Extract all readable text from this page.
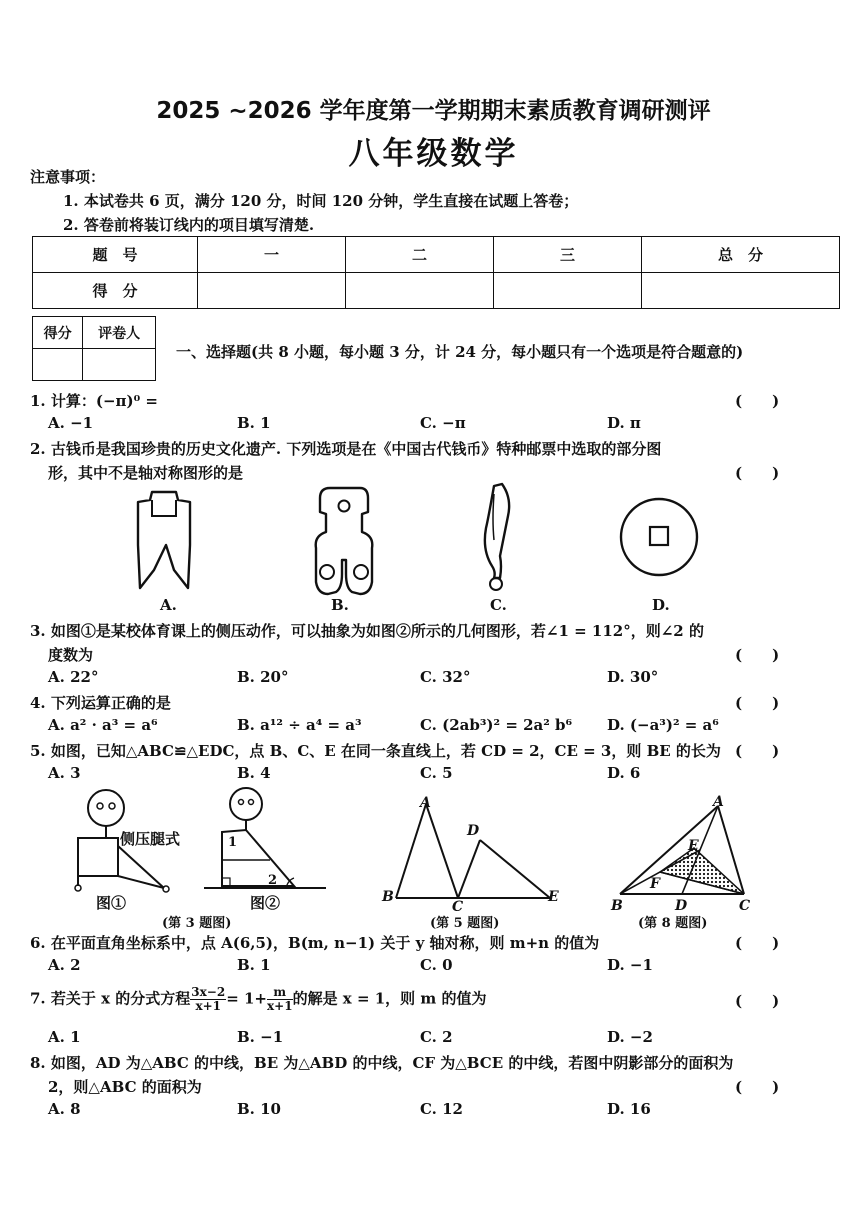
2025 ~2026 学年度第一学期期末素质教育调研测评
八年级数学
注意事项：
1. 本试卷共 6 页，满分 120 分，时间 120 分钟，学生直接在试题上答卷；
2. 答卷前将装订线内的项目填写清楚.
题　号	一	二	三	总　分
得　分				
得分	评卷人

一、选择题(共 8 小题，每小题 3 分，计 24 分，每小题只有一个选项是符合题意的)
1. 计算：(−π)⁰ =	(　　)
A. −1	B. 1	C. −π	D. π
2. 古钱币是我国珍贵的历史文化遗产. 下列选项是在《中国古代钱币》特种邮票中选取的部分图
形，其中不是轴对称图形的是	(　　)
A.	B.	C.	D.
3. 如图①是某校体育课上的侧压动作，可以抽象为如图②所示的几何图形，若∠1 = 112°，则∠2 的
度数为	(　　)
A. 22°	B. 20°	C. 32°	D. 30°
4. 下列运算正确的是	(　　)
A. a² · a³ = a⁶	B. a¹² ÷ a⁴ = a³	C. (2ab³)² = 2a² b⁶ D. (−a³)² = a⁶
5. 如图，已知△ABC≌△EDC，点 B、C、E 在同一条直线上，若 CD = 2，CE = 3，则 BE 的长为 (　　)
A. 3	B. 4	C. 5	D. 6
侧压腿式	1
2
图①	图②
(第 3 题图)
A
B
C
D
E
(第 5 题图)
A
B	C
D
E
F
(第 8 题图)
6. 在平面直角坐标系中，点 A(6,5)，B(m, n−1) 关于 y 轴对称，则 m+n 的值为	(　　)
A. 2	B. 1	C. 0	D. −1
7. 若关于 x 的分式方程 $\frac{3x-2}{x+1} = 1+ \frac{m}{x+1}$ 的解是 x = 1，则 m 的值为	(　　)
A. 1	B. −1	C. 2	D. −2
8. 如图，AD 为△ABC 的中线，BE 为△ABD 的中线，CF 为△BCE 的中线，若图中阴影部分的面积为
2，则△ABC 的面积为	(　　)
A. 8	B. 10	C. 12	D. 16
